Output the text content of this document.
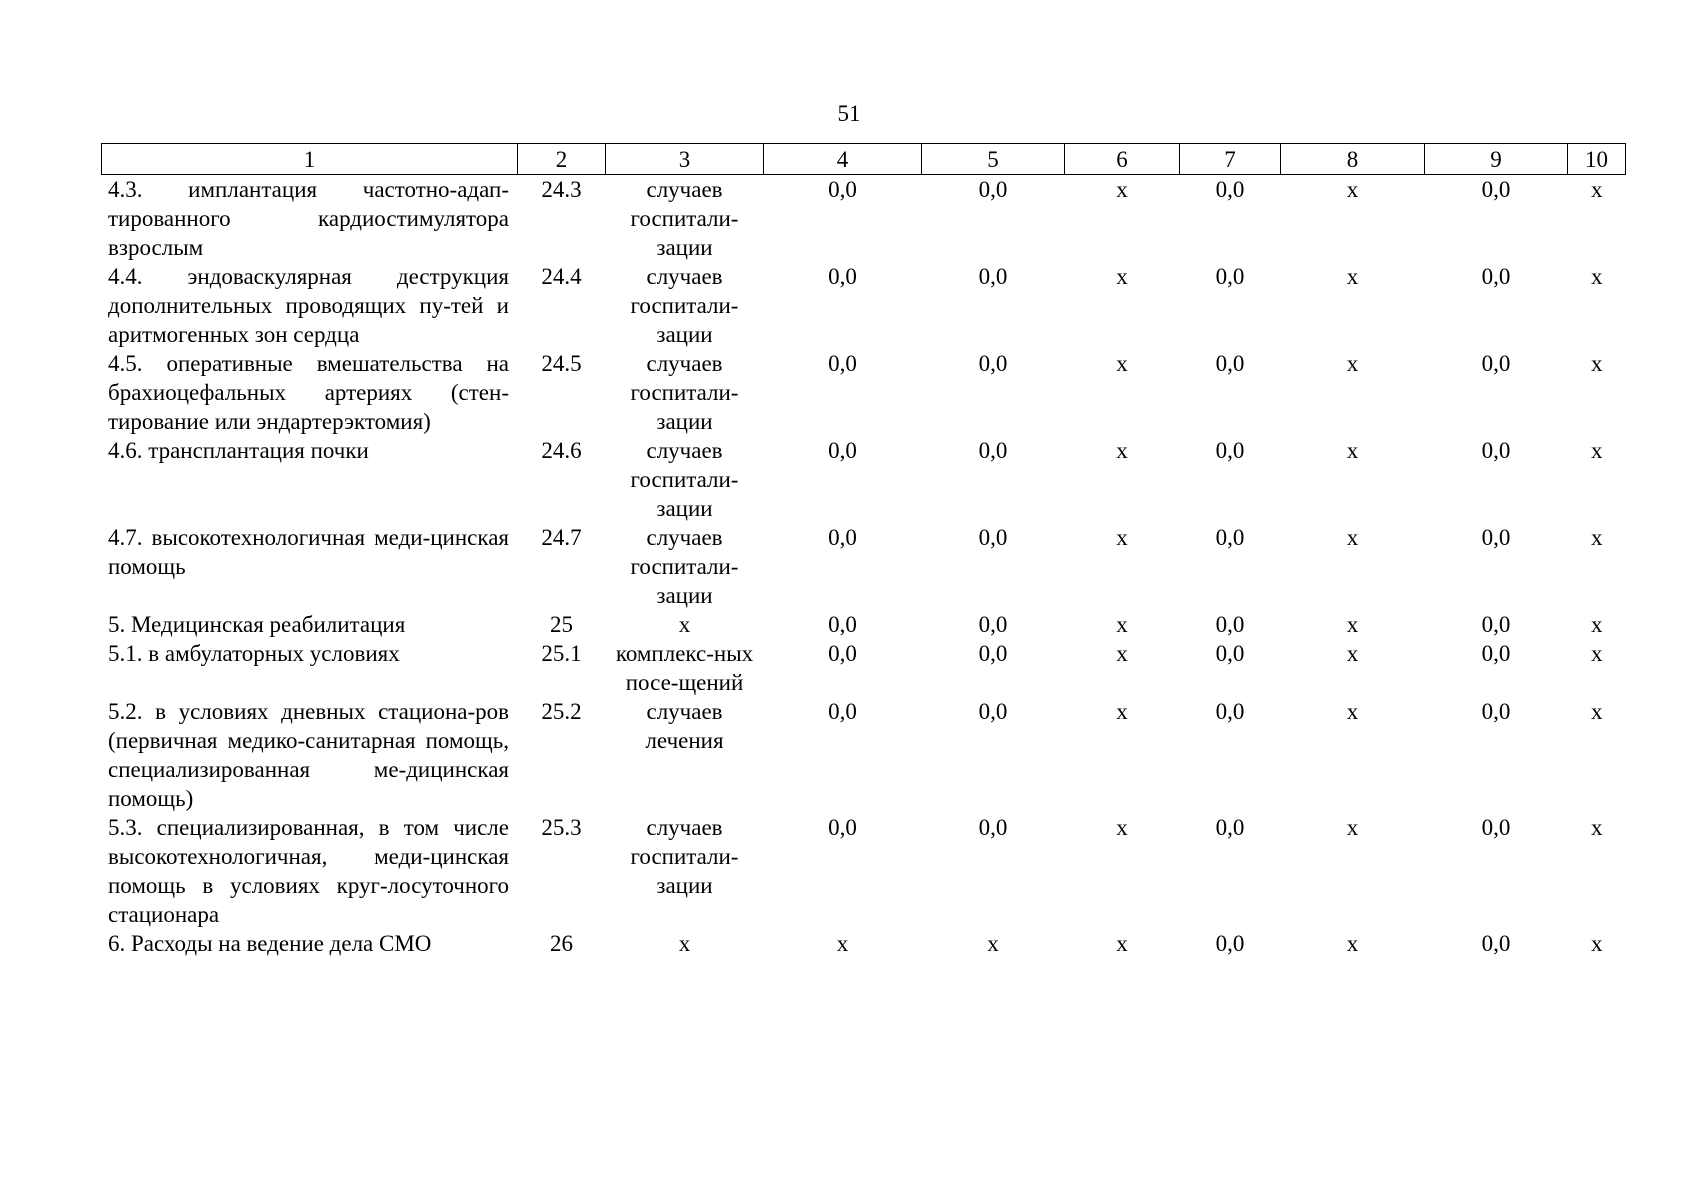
51
1	2	3	4	5	6	7	8	9	10
4.3. имплантация частотно-адап-тированного кардиостимулятора взрослым	24.3	случаев госпитали-зации	0,0	0,0	x	0,0	x	0,0	x
4.4. эндоваскулярная деструкция дополнительных проводящих пу-тей и аритмогенных зон сердца	24.4	случаев госпитали-зации	0,0	0,0	x	0,0	x	0,0	x
4.5. оперативные вмешательства на брахиоцефальных артериях (стен-тирование или эндартерэктомия)	24.5	случаев госпитали-зации	0,0	0,0	x	0,0	x	0,0	x
4.6. трансплантация почки	24.6	случаев госпитали-зации	0,0	0,0	x	0,0	x	0,0	x
4.7. высокотехнологичная меди-цинская помощь	24.7	случаев госпитали-зации	0,0	0,0	x	0,0	x	0,0	x
5. Медицинская реабилитация	25	x	0,0	0,0	x	0,0	x	0,0	x
5.1. в амбулаторных условиях	25.1	комплекс-ных посе-щений	0,0	0,0	x	0,0	x	0,0	x
5.2. в условиях дневных стациона-ров (первичная медико-санитарная помощь, специализированная ме-дицинская помощь)	25.2	случаев лечения	0,0	0,0	x	0,0	x	0,0	x
5.3. специализированная, в том числе высокотехнологичная, меди-цинская помощь в условиях круг-лосуточного стационара	25.3	случаев госпитали-зации	0,0	0,0	x	0,0	x	0,0	x
6. Расходы на ведение дела СМО	26	x	x	x	x	0,0	x	0,0	x
